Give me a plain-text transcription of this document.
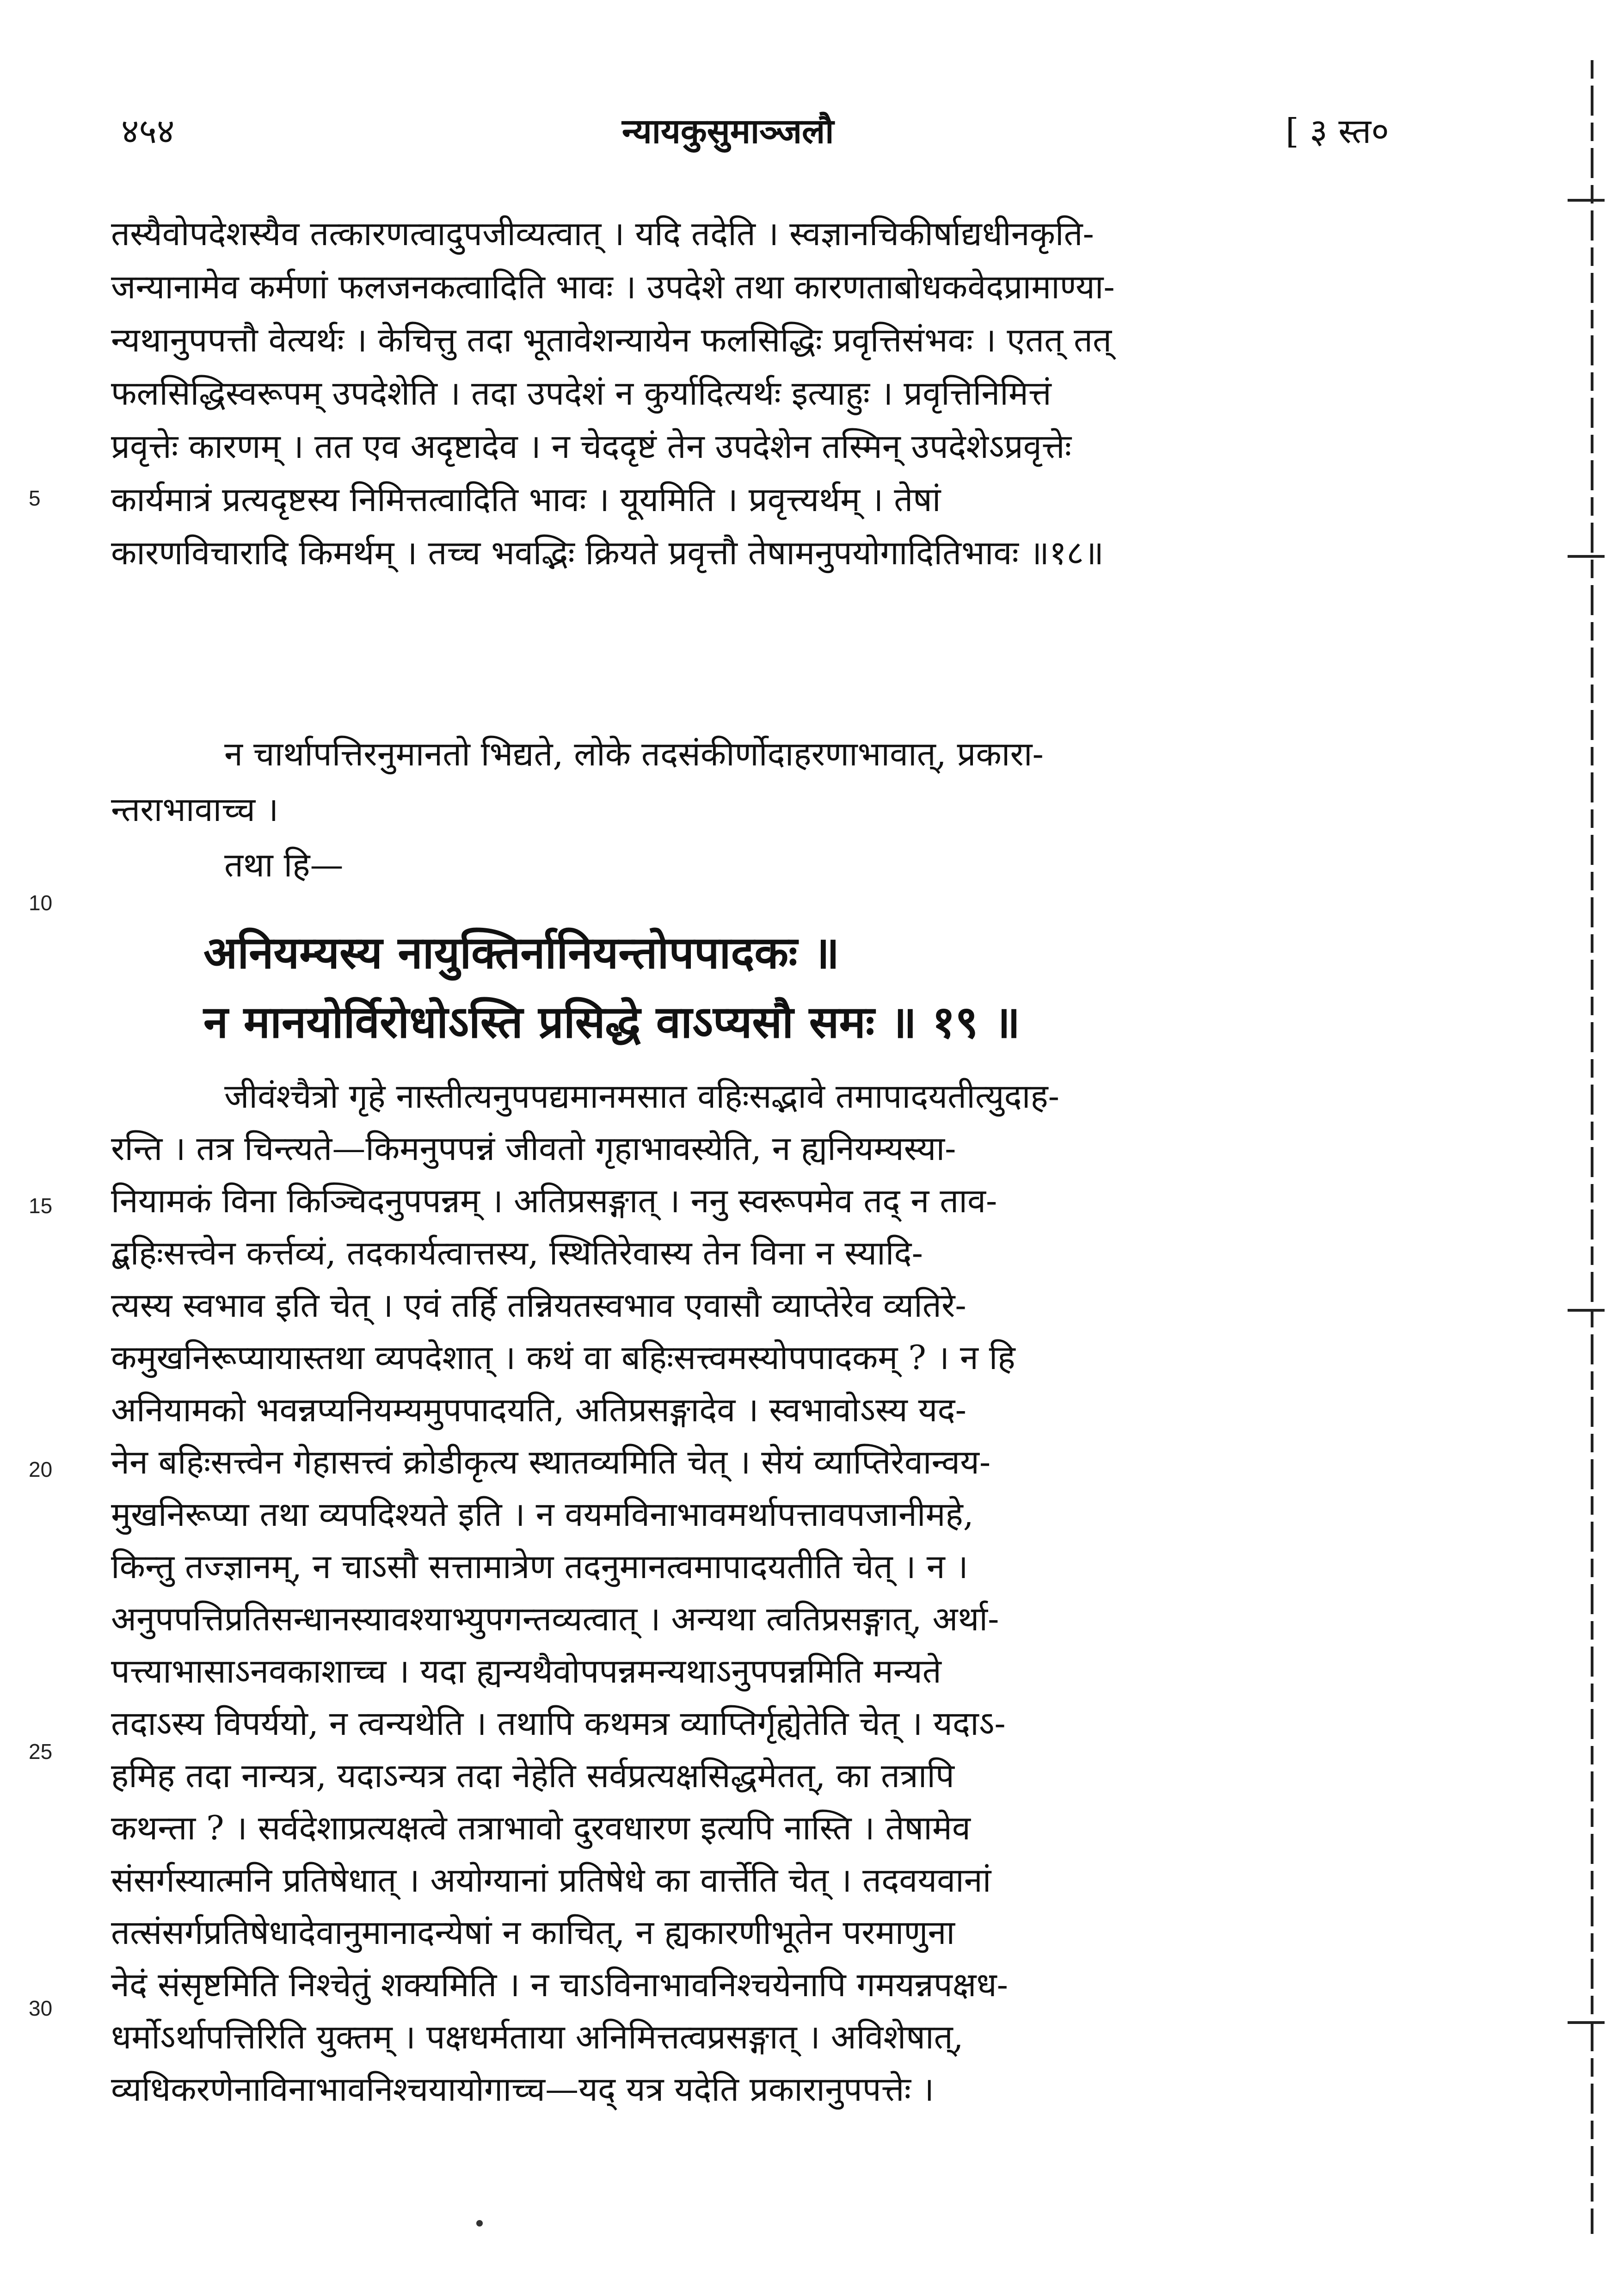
४५४	न्यायकुसुमाञ्जलौ	[ ३ स्त०
तस्यैवोपदेशस्यैव तत्कारणत्वादुपजीव्यत्वात् । यदि तदेति । स्वज्ञानचिकीर्षाद्यधीनकृति-
जन्यानामेव कर्मणां फलजनकत्वादिति भावः । उपदेशे तथा कारणताबोधकवेदप्रामाण्या-
न्यथानुपपत्तौ वेत्यर्थः । केचित्तु तदा भूतावेशन्यायेन फलसिद्धिः प्रवृत्तिसंभवः । एतत् तत्
फलसिद्धिस्वरूपम् उपदेशेति । तदा उपदेशं न कुर्यादित्यर्थः इत्याहुः । प्रवृत्तिनिमित्तं
प्रवृत्तेः कारणम् । तत एव अदृष्टादेव । न चेददृष्टं तेन उपदेशेन तस्मिन् उपदेशेऽप्रवृत्तेः
कार्यमात्रं प्रत्यदृष्टस्य निमित्तत्वादिति भावः । यूयमिति । प्रवृत्त्यर्थम् । तेषां
कारणविचारादि किमर्थम् । तच्च भवद्भिः क्रियते प्रवृत्तौ तेषामनुपयोगादितिभावः ॥१८॥
न चार्थापत्तिरनुमानतो भिद्यते, लोके तदसंकीर्णोदाहरणाभावात्, प्रकारा-
न्तराभावाच्च ।
तथा हि—
अनियम्यस्य नायुक्तिर्नानियन्तोपपादकः ॥
न मानयोर्विरोधोऽस्ति प्रसिद्धे वाऽप्यसौ समः ॥ १९ ॥
जीवंश्चैत्रो गृहे नास्तीत्यनुपपद्यमानमसात वहिःसद्भावे तमापादयतीत्युदाह-
रन्ति । तत्र चिन्त्यते—किमनुपपन्नं जीवतो गृहाभावस्येति, न ह्यनियम्यस्या-
नियामकं विना किञ्चिदनुपपन्नम् । अतिप्रसङ्गात् । ननु स्वरूपमेव तद् न ताव-
द्बहिःसत्त्वेन कर्त्तव्यं, तदकार्यत्वात्तस्य, स्थितिरेवास्य तेन विना न स्यादि-
त्यस्य स्वभाव इति चेत् । एवं तर्हि तन्नियतस्वभाव एवासौ व्याप्तेरेव व्यतिरे-
कमुखनिरूप्यायास्तथा व्यपदेशात् । कथं वा बहिःसत्त्वमस्योपपादकम् ? । न हि
अनियामको भवन्नप्यनियम्यमुपपादयति, अतिप्रसङ्गादेव । स्वभावोऽस्य यद-
नेन बहिःसत्त्वेन गेहासत्त्वं क्रोडीकृत्य स्थातव्यमिति चेत् । सेयं व्याप्तिरेवान्वय-
मुखनिरूप्या तथा व्यपदिश्यते इति । न वयमविनाभावमर्थापत्तावपजानीमहे,
किन्तु तज्ज्ञानम्, न चाऽसौ सत्तामात्रेण तदनुमानत्वमापादयतीति चेत् । न ।
अनुपपत्तिप्रतिसन्धानस्यावश्याभ्युपगन्तव्यत्वात् । अन्यथा त्वतिप्रसङ्गात्, अर्था-
पत्त्याभासाऽनवकाशाच्च । यदा ह्यन्यथैवोपपन्नमन्यथाऽनुपपन्नमिति मन्यते
तदाऽस्य विपर्ययो, न त्वन्यथेति । तथापि कथमत्र व्याप्तिर्गृह्येतेति चेत् । यदाऽ-
हमिह तदा नान्यत्र, यदाऽन्यत्र तदा नेहेति सर्वप्रत्यक्षसिद्धमेतत्, का तत्रापि
कथन्ता ? । सर्वदेशाप्रत्यक्षत्वे तत्राभावो दुरवधारण इत्यपि नास्ति । तेषामेव
संसर्गस्यात्मनि प्रतिषेधात् । अयोग्यानां प्रतिषेधे का वार्त्तेति चेत् । तदवयवानां
तत्संसर्गप्रतिषेधादेवानुमानादन्येषां न काचित्, न ह्यकारणीभूतेन परमाणुना
नेदं संसृष्टमिति निश्चेतुं शक्यमिति । न चाऽविनाभावनिश्चयेनापि गमयन्नपक्षध-
धर्मोऽर्थापत्तिरिति युक्तम् । पक्षधर्मताया अनिमित्तत्वप्रसङ्गात् । अविशेषात्,
व्यधिकरणेनाविनाभावनिश्चयायोगाच्च—यद् यत्र यदेति प्रकारानुपपत्तेः ।
5
10
15
20
25
30
